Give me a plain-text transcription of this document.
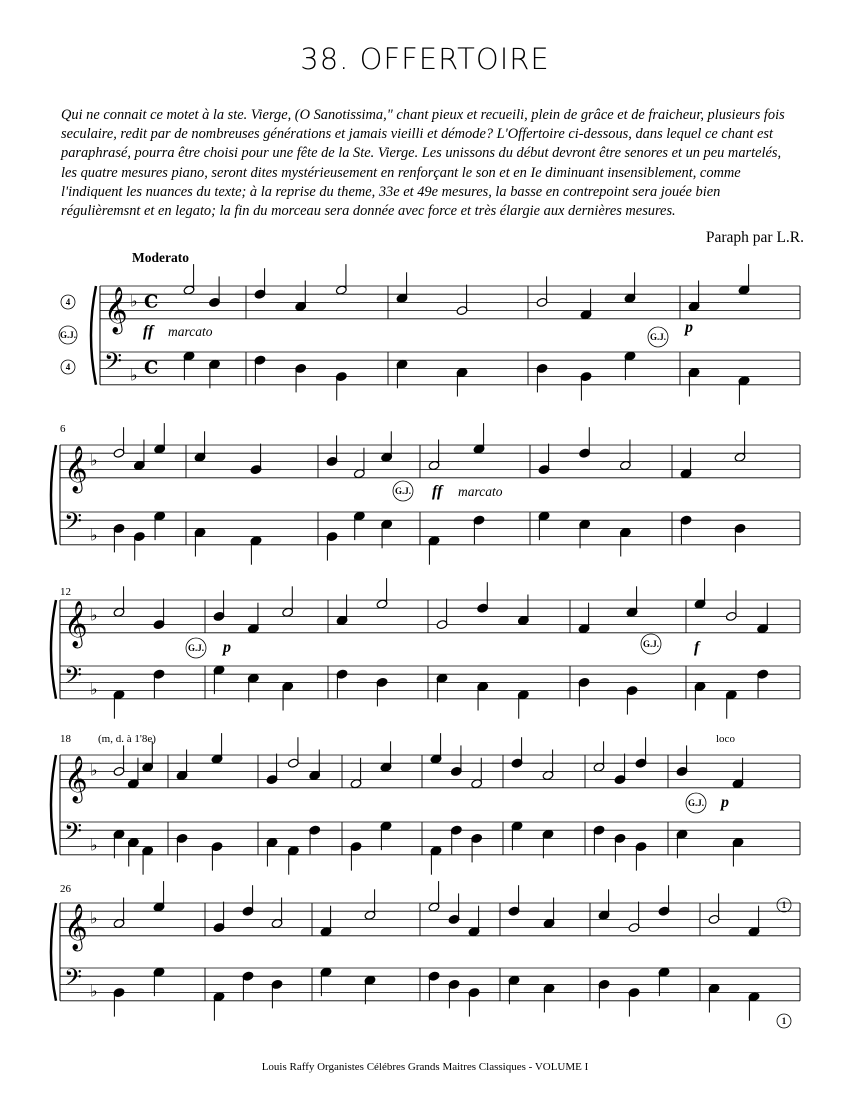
38. OFFERTOIRE
Qui ne connait ce motet à la ste. Vierge, (O Sanotissima," chant pieux et recueili, plein de grâce et de fraicheur, plusieurs fois seculaire, redit par de nombreuses générations et jamais vieilli et démode? L'Offertoire ci-dessous, dans lequel ce chant est paraphrasé, pourra être choisi pour une fête de la Ste. Vierge. Les unissons du début devront être senores et un peu martelés, les quatre mesures piano, seront dites mystérieusement en renforçant le son et en Ie diminuant insensiblement, comme l'indiquent les nuances du texte; à la reprise du theme, 33e et 49e mesures, la basse en contrepoint sera jouée bien régulièremsnt et en legato; la fin du morceau sera donnée avec force et très élargie aux dernières mesures.
Paraph par L.R.
𝄞 ♭ C
𝄢 ♭ C
𝄞 ♭
𝄢 ♭
𝄞 ♭
𝄢 ♭
𝄞 ♭
𝄢 ♭
𝄞 ♭
𝄢 ♭
Moderato
4
G.J.
4
6
12
18
26
ff marcato	p
ff marcato
p	f
p
(m, d. à 1'8e)	loco
G.J.
G.J.
G.J.	G.J.
G.J.
1
1
Louis Raffy Organistes Célébres Grands Maitres Classiques - VOLUME I
